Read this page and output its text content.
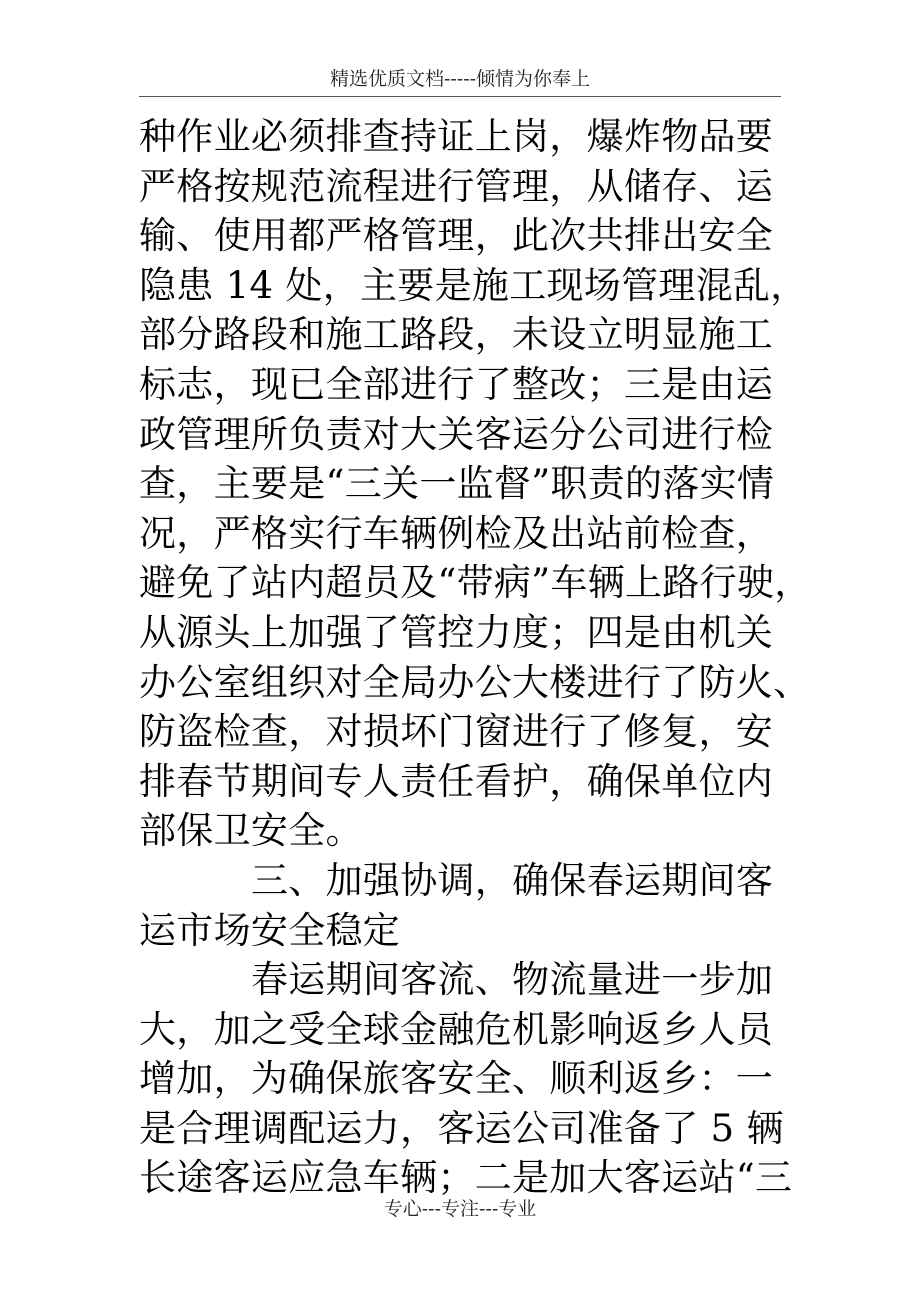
精选优质文档-----倾情为你奉上
种作业必须排查持证上岗，爆炸物品要
严格按规范流程进行管理，从储存、运
输、使用都严格管理，此次共排出安全
隐患 14 处，主要是施工现场管理混乱，
部分路段和施工路段，未设立明显施工
标志，现已全部进行了整改；三是由运
政管理所负责对大关客运分公司进行检
查，主要是“三关一监督”职责的落实情
况，严格实行车辆例检及出站前检查，
避免了站内超员及“带病”车辆上路行驶，
从源头上加强了管控力度；四是由机关
办公室组织对全局办公大楼进行了防火、
防盗检查，对损坏门窗进行了修复，安
排春节期间专人责任看护，确保单位内
部保卫安全。
三、加强协调，确保春运期间客
运市场安全稳定
春运期间客流、物流量进一步加
大，加之受全球金融危机影响返乡人员
增加，为确保旅客安全、顺利返乡：一
是合理调配运力，客运公司准备了 5 辆
长途客运应急车辆；二是加大客运站“三
专心---专注---专业
